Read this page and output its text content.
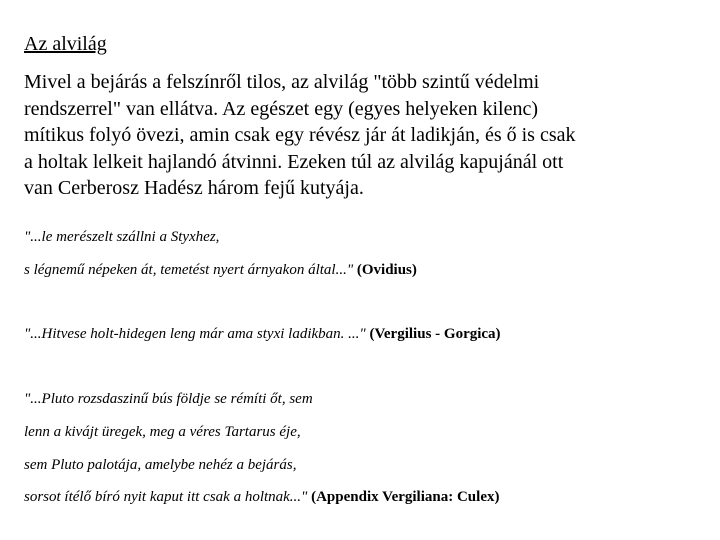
Az alvilág
Mivel a bejárás a felszínről tilos, az alvilág "több szintű védelmi
rendszerrel" van ellátva. Az egészet egy (egyes helyeken kilenc)
mítikus folyó övezi, amin csak egy révész jár át ladikján, és ő is csak
a holtak lelkeit hajlandó átvinni. Ezeken túl az alvilág kapujánál ott
van Cerberosz Hadész három fejű kutyája.
"...le merészelt szállni a Styxhez,
s légnemű népeken át, temetést nyert árnyakon által..." (Ovidius)
"...Hitvese holt-hidegen leng már ama styxi ladikban. ..." (Vergilius - Gorgica)
"...Pluto rozsdaszinű bús földje se rémíti őt, sem
lenn a kivájt üregek, meg a véres Tartarus éje,
sem Pluto palotája, amelybe nehéz a bejárás,
sorsot ítélő bíró nyit kaput itt csak a holtnak..." (Appendix Vergiliana: Culex)
